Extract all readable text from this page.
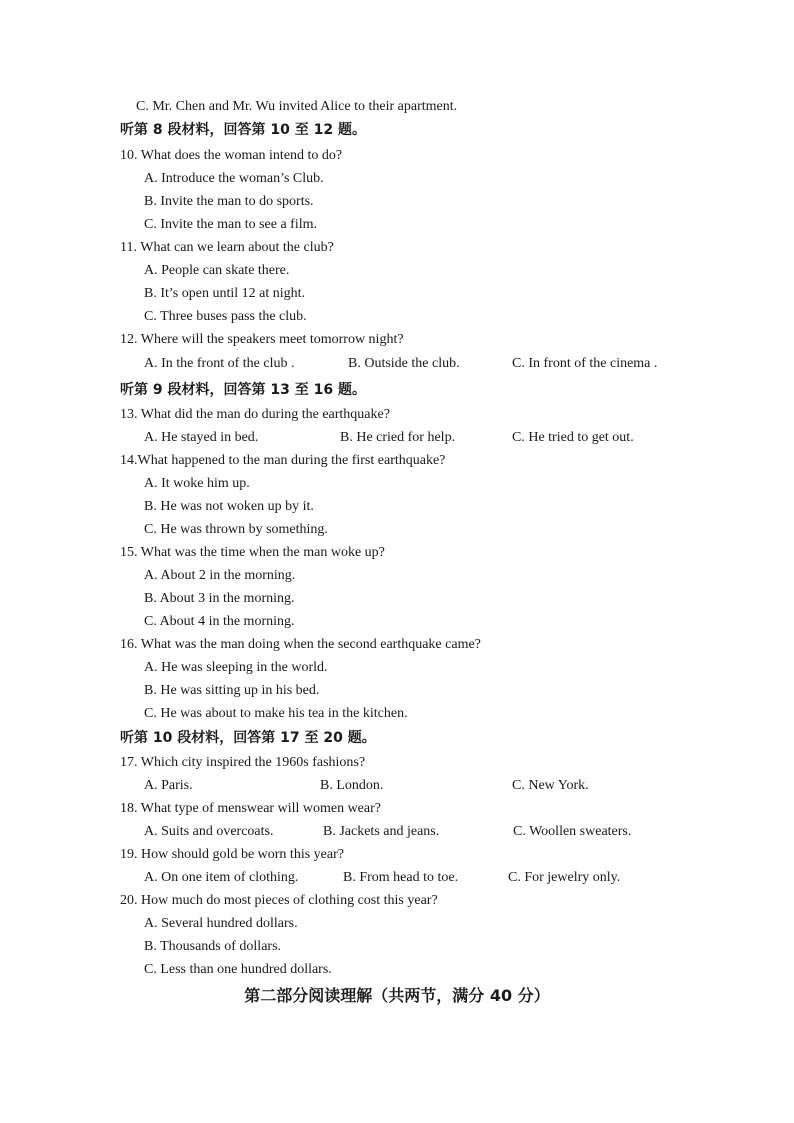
C. Mr. Chen and Mr. Wu invited Alice to their apartment.
听第 8 段材料，回答第 10 至 12 题。
10. What does the woman intend to do?
A. Introduce the woman’s Club.
B. Invite the man to do sports.
C. Invite the man to see a film.
11. What can we learn about the club?
A. People can skate there.
B. It’s open until 12 at night.
C. Three buses pass the club.
12. Where will the speakers meet tomorrow night?
A. In the front of the club .	B. Outside the club.	C. In front of the cinema .
听第 9 段材料，回答第 13 至 16 题。
13. What did the man do during the earthquake?
A. He stayed in bed.	B. He cried for help.	C. He tried to get out.
14.What happened to the man during the first earthquake?
A. It woke him up.
B. He was not woken up by it.
C. He was thrown by something.
15. What was the time when the man woke up?
A. About 2 in the morning.
B. About 3 in the morning.
C. About 4 in the morning.
16. What was the man doing when the second earthquake came?
A. He was sleeping in the world.
B. He was sitting up in his bed.
C. He was about to make his tea in the kitchen.
听第 10 段材料，回答第 17 至 20 题。
17. Which city inspired the 1960s fashions?
A. Paris.	B. London.	C. New York.
18. What type of menswear will women wear?
A. Suits and overcoats.	B. Jackets and jeans.	C. Woollen sweaters.
19. How should gold be worn this year?
A. On one item of clothing.	B. From head to toe.	C. For jewelry only.
20. How much do most pieces of clothing cost this year?
A. Several hundred dollars.
B. Thousands of dollars.
C. Less than one hundred dollars.
第二部分阅读理解（共两节，满分 40 分）
